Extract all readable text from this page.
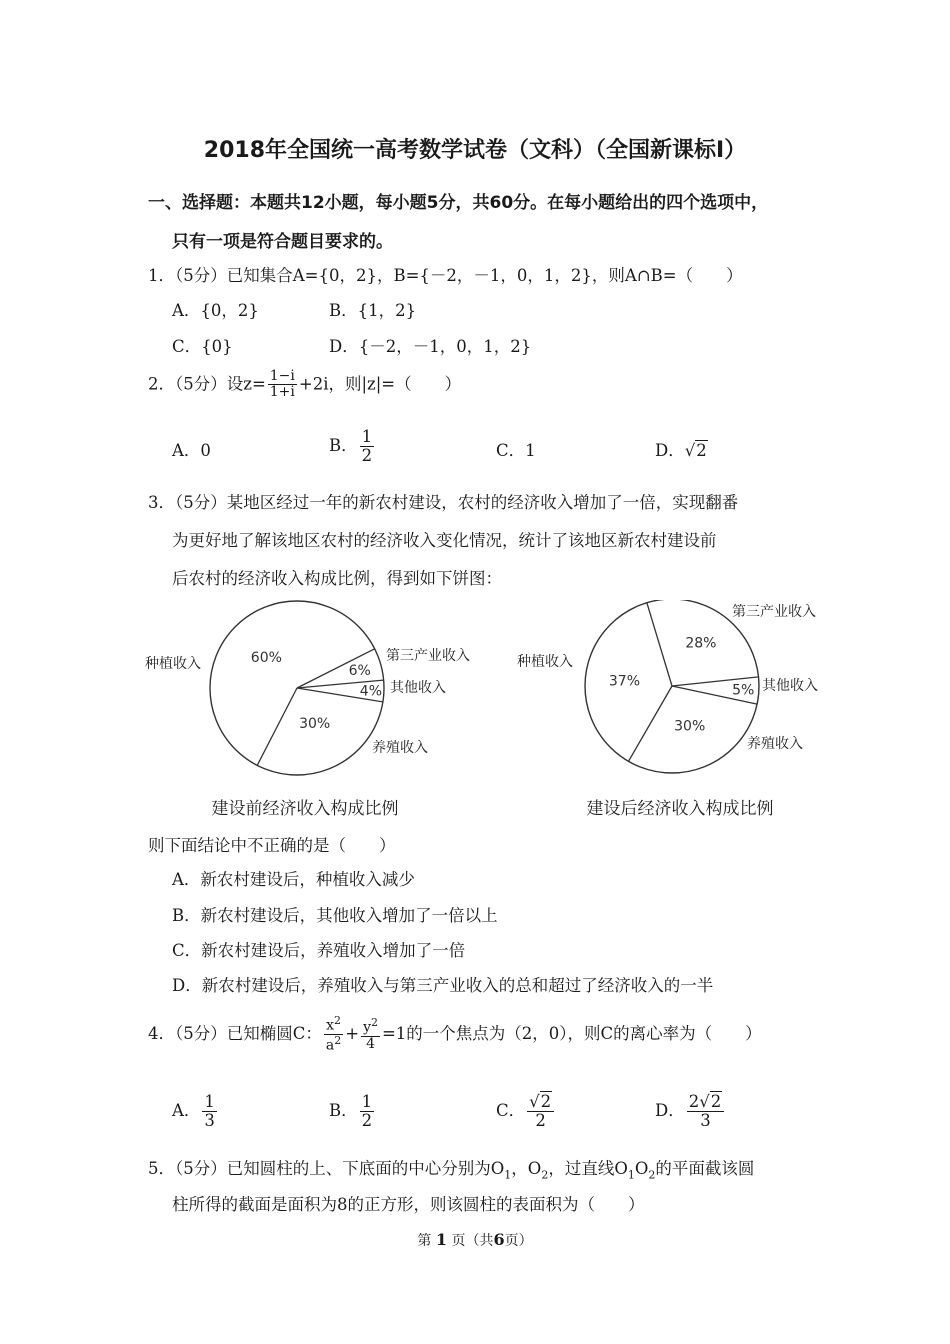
2018年全国统一高考数学试卷（文科）（全国新课标Ⅰ）
一、选择题：本题共12小题，每小题5分，共60分。在每小题给出的四个选项中，
只有一项是符合题目要求的。
1．（5分）已知集合A={0，2}，B={－2，－1，0，1，2}，则A∩B=（　　）
A．{0，2}	B．{1，2}
C．{0}	D．{－2，－1，0，1，2}
2．（5分）设$z= \frac{1-i}{1+i} +2i$，则|z|=（　　）
A．0	B． $\frac{1}{2}$	C．1	D．√2
3．（5分）某地区经过一年的新农村建设，农村的经济收入增加了一倍，实现翻番
为更好地了解该地区农村的经济收入变化情况，统计了该地区新农村建设前
后农村的经济收入构成比例，得到如下饼图：
4%
6%
60%
30%
种植收入	第三产业收入
其他收入
养殖收入
建设前经济收入构成比例
5%
28%
37%
30%
种植收入
第三产业收入
其他收入
养殖收入
建设后经济收入构成比例
则下面结论中不正确的是（　　）
A．新农村建设后，种植收入减少
B．新农村建设后，其他收入增加了一倍以上
C．新农村建设后，养殖收入增加了一倍
D．新农村建设后，养殖收入与第三产业收入的总和超过了经济收入的一半
4．（5分）已知椭圆C： $\frac{x^2}{a^2} + \frac{y^2}{4} =1$的一个焦点为（2，0），则C的离心率为（　　）
A． $\frac{1}{3}$	B． $\frac{1}{2}$	C． $\frac{√2}{2}$	D． $\frac{2√2}{3}$
5．（5分）已知圆柱的上、下底面的中心分别为$O_1$，$O_2$，过直线$O_1O_2$的平面截该圆
柱所得的截面是面积为8的正方形，则该圆柱的表面积为（　　）
第 1 页（共6页）
